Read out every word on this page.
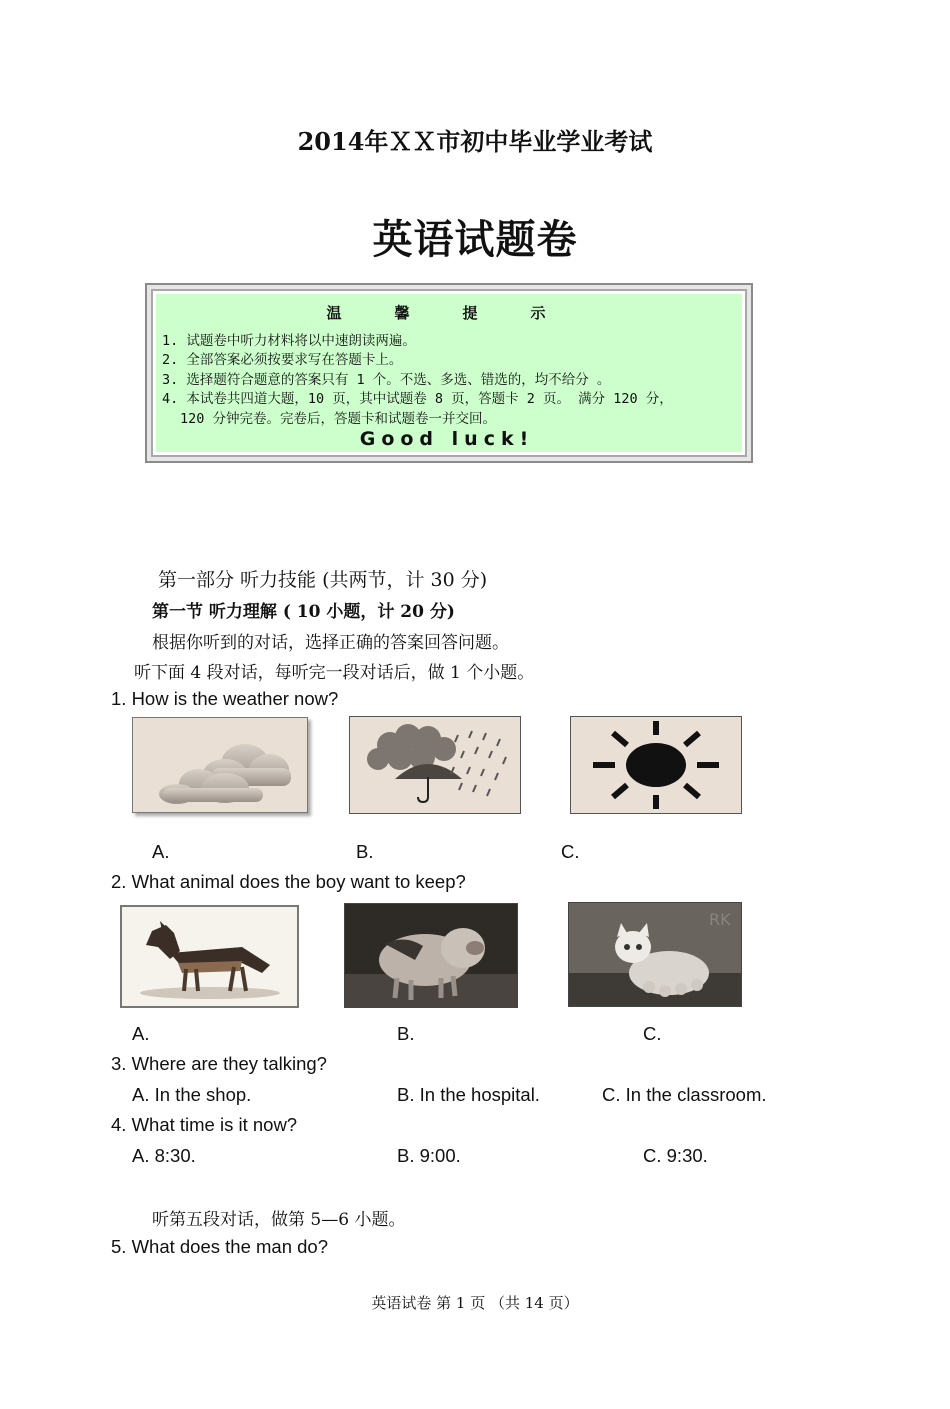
2014年ＸＸ市初中毕业学业考试
英语试题卷
温 馨 提 示
1. 试题卷中听力材料将以中速朗读两遍。
2. 全部答案必须按要求写在答题卡上。
3. 选择题符合题意的答案只有 1 个。不选、多选、错选的，均不给分 。
4. 本试卷共四道大题，10 页，其中试题卷 8 页，答题卡 2 页。 满分 120 分，
120 分钟完卷。完卷后，答题卡和试题卷一并交回。
Good luck!
第一部分 听力技能 (共两节，计 30 分)
第一节 听力理解 ( 10 小题，计 20 分)
根据你听到的对话，选择正确的答案回答问题。
听下面 4 段对话，每听完一段对话后，做 1 个小题。
1. How is the weather now?
A.	B.	C.
2. What animal does the boy want to keep?
RK
A.	B.	C.
3. Where are they talking?
A. In the shop.	B. In the hospital.	C. In the classroom.
4. What time is it now?
A. 8:30.	B. 9:00.	C. 9:30.
听第五段对话，做第 5—6 小题。
5. What does the man do?
英语试卷 第 1 页 （共 14 页）
